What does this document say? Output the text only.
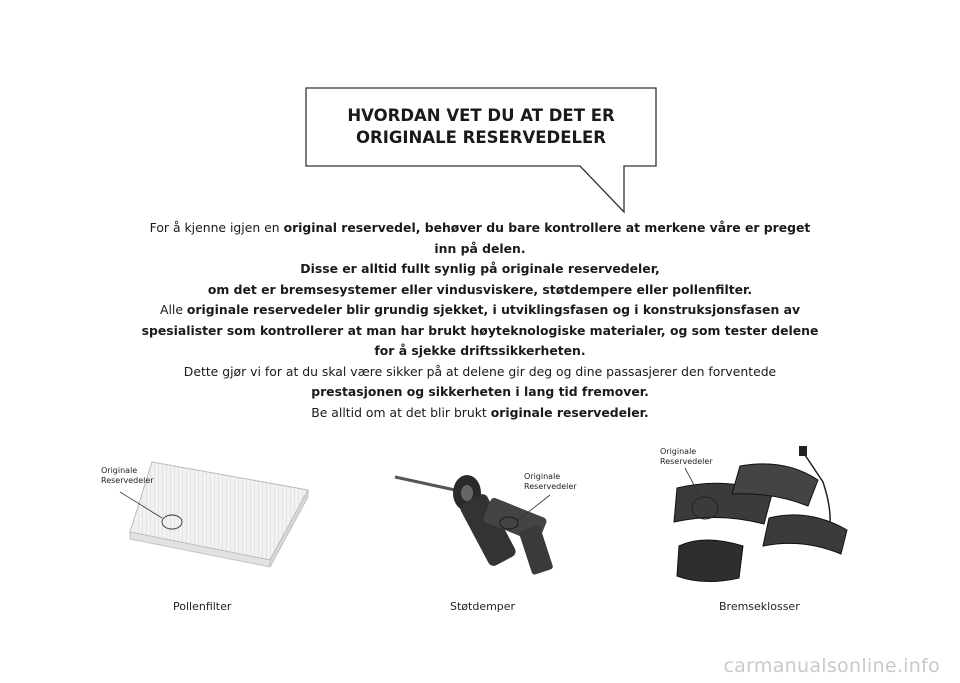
HVORDAN VET DU AT DET ER
ORIGINALE RESERVEDELER

For å kjenne igjen en original reservedel, behøver du bare kontrollere at merkene våre er preget inn på delen.

Disse er alltid fullt synlig på originale reservedeler,

om det er bremsesystemer eller vindusviskere, støtdempere eller pollenfilter.

Alle originale reservedeler blir grundig sjekket, i utviklingsfasen og i konstruksjonsfasen av spesialister som kontrollerer at man har brukt høyteknologiske materialer, og som tester delene for å sjekke driftssikkerheten.

Dette gjør vi for at du skal være sikker på at delene gir deg og dine passasjerer den forventede prestasjonen og sikkerheten i lang tid fremover.

Be alltid om at det blir brukt originale reservedeler.

Originale
Reservedeler
Pollenfilter
Originale
Reservedeler
Støtdemper
Originale
Reservedeler
Bremseklosser
carmanualsonline.info
